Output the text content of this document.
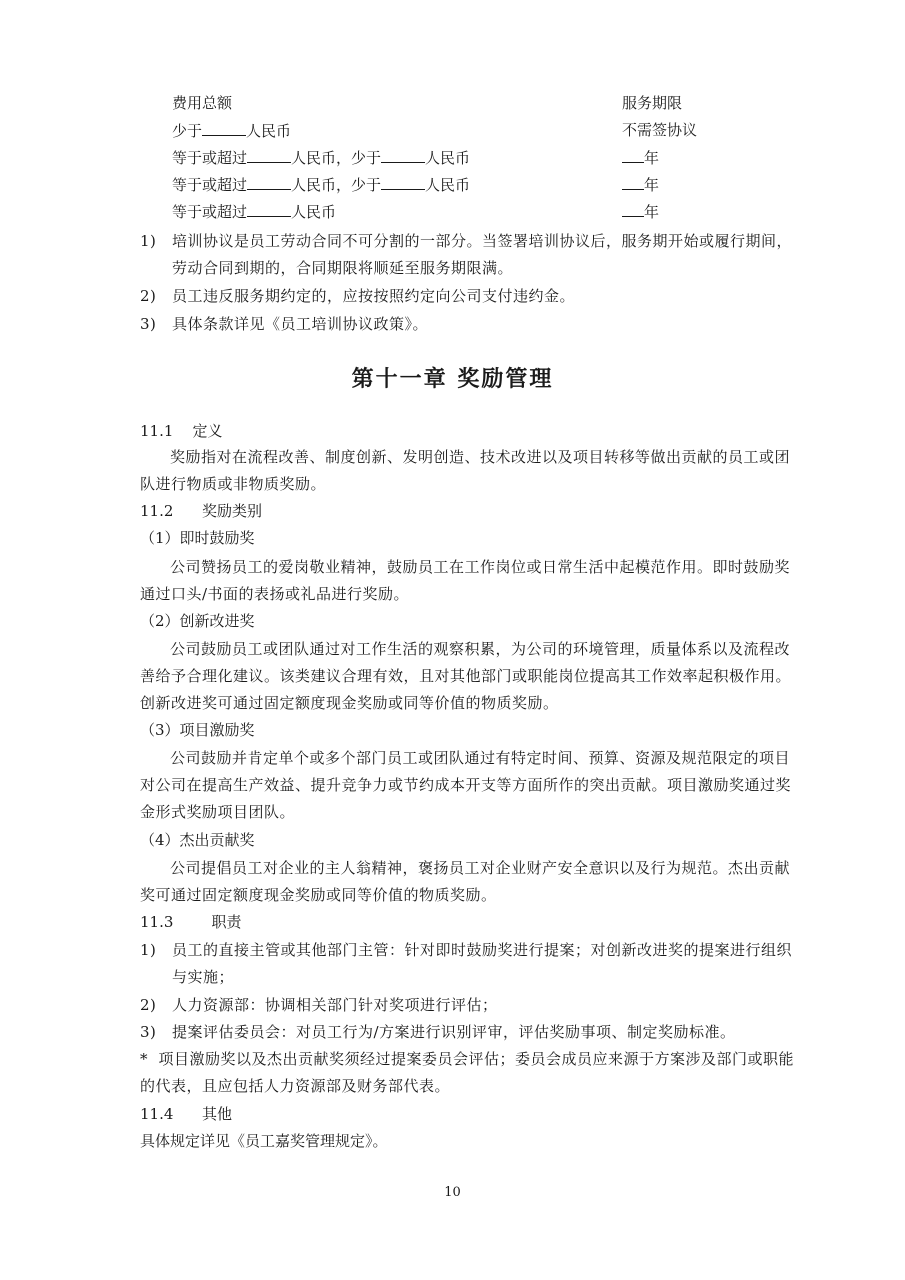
费用总额	服务期限
少于	人民币	不需签协议
等于或超过	人民币，少于	人民币	年
等于或超过	人民币，少于	人民币	年
等于或超过	人民币	年
1) 培训协议是员工劳动合同不可分割的一部分。当签署培训协议后，服务期开始或履行期间，劳动合同到期的，合同期限将顺延至服务期限满。
2) 员工违反服务期约定的，应按按照约定向公司支付违约金。
3) 具体条款详见《员工培训协议政策》。
第十一章 奖励管理
11.1    定义
奖励指对在流程改善、制度创新、发明创造、技术改进以及项目转移等做出贡献的员工或团队进行物质或非物质奖励。
11.2      奖励类别
（1）即时鼓励奖
公司赞扬员工的爱岗敬业精神，鼓励员工在工作岗位或日常生活中起模范作用。即时鼓励奖通过口头/书面的表扬或礼品进行奖励。
（2）创新改进奖
公司鼓励员工或团队通过对工作生活的观察积累，为公司的环境管理，质量体系以及流程改善给予合理化建议。该类建议合理有效，且对其他部门或职能岗位提高其工作效率起积极作用。创新改进奖可通过固定额度现金奖励或同等价值的物质奖励。
（3）项目激励奖
公司鼓励并肯定单个或多个部门员工或团队通过有特定时间、预算、资源及规范限定的项目对公司在提高生产效益、提升竞争力或节约成本开支等方面所作的突出贡献。项目激励奖通过奖金形式奖励项目团队。
（4）杰出贡献奖
公司提倡员工对企业的主人翁精神，褒扬员工对企业财产安全意识以及行为规范。杰出贡献奖可通过固定额度现金奖励或同等价值的物质奖励。
11.3        职责
1) 员工的直接主管或其他部门主管：针对即时鼓励奖进行提案；对创新改进奖的提案进行组织与实施；
2) 人力资源部：协调相关部门针对奖项进行评估；
3) 提案评估委员会：对员工行为/方案进行识别评审，评估奖励事项、制定奖励标准。
*  项目激励奖以及杰出贡献奖须经过提案委员会评估；委员会成员应来源于方案涉及部门或职能的代表，且应包括人力资源部及财务部代表。
11.4      其他
具体规定详见《员工嘉奖管理规定》。
10
